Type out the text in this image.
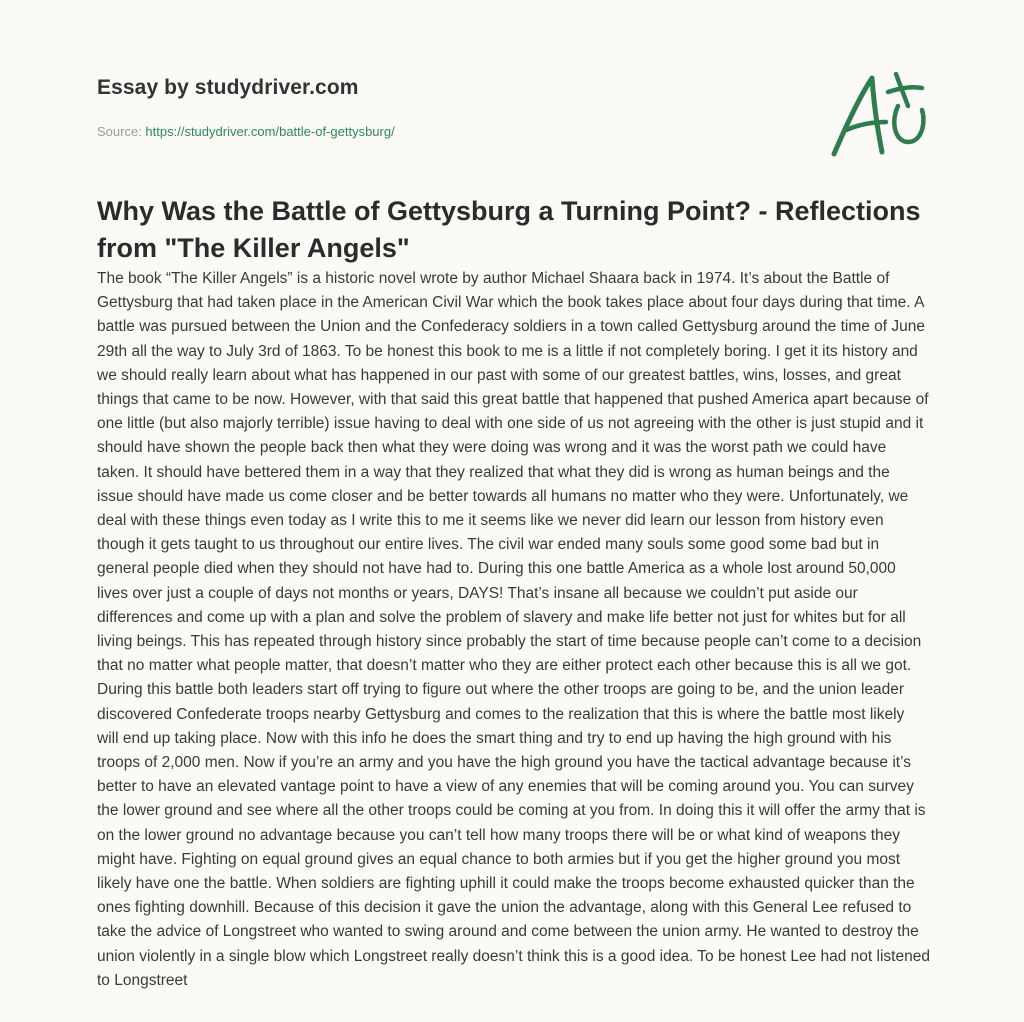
Essay by studydriver.com
Source: https://studydriver.com/battle-of-gettysburg/
Why Was the Battle of Gettysburg a Turning Point? - Reflections from "The Killer Angels"

The book “The Killer Angels” is a historic novel wrote by author Michael Shaara back in 1974. It’s about the Battle of Gettysburg that had taken place in the American Civil War which the book takes place about four days during that time. A battle was pursued between the Union and the Confederacy soldiers in a town called Gettysburg around the time of June 29th all the way to July 3rd of 1863. To be honest this book to me is a little if not completely boring. I get it its history and we should really learn about what has happened in our past with some of our greatest battles, wins, losses, and great things that came to be now. However, with that said this great battle that happened that pushed America apart because of one little (but also majorly terrible) issue having to deal with one side of us not agreeing with the other is just stupid and it should have shown the people back then what they were doing was wrong and it was the worst path we could have taken. It should have bettered them in a way that they realized that what they did is wrong as human beings and the issue should have made us come closer and be better towards all humans no matter who they were. Unfortunately, we deal with these things even today as I write this to me it seems like we never did learn our lesson from history even though it gets taught to us throughout our entire lives. The civil war ended many souls some good some bad but in general people died when they should not have had to. During this one battle America as a whole lost around 50,000 lives over just a couple of days not months or years, DAYS! That’s insane all because we couldn’t put aside our differences and come up with a plan and solve the problem of slavery and make life better not just for whites but for all living beings. This has repeated through history since probably the start of time because people can’t come to a decision that no matter what people matter, that doesn’t matter who they are either protect each other because this is all we got. During this battle both leaders start off trying to figure out where the other troops are going to be, and the union leader discovered Confederate troops nearby Gettysburg and comes to the realization that this is where the battle most likely will end up taking place. Now with this info he does the smart thing and try to end up having the high ground with his troops of 2,000 men. Now if you’re an army and you have the high ground you have the tactical advantage because it’s better to have an elevated vantage point to have a view of any enemies that will be coming around you. You can survey the lower ground and see where all the other troops could be coming at you from. In doing this it will offer the army that is on the lower ground no advantage because you can’t tell how many troops there will be or what kind of weapons they might have. Fighting on equal ground gives an equal chance to both armies but if you get the higher ground you most likely have one the battle. When soldiers are fighting uphill it could make the troops become exhausted quicker than the ones fighting downhill. Because of this decision it gave the union the advantage, along with this General Lee refused to take the advice of Longstreet who wanted to swing around and come between the union army. He wanted to destroy the union violently in a single blow which Longstreet really doesn’t think this is a good idea. To be honest Lee had not listened to Longstreet
